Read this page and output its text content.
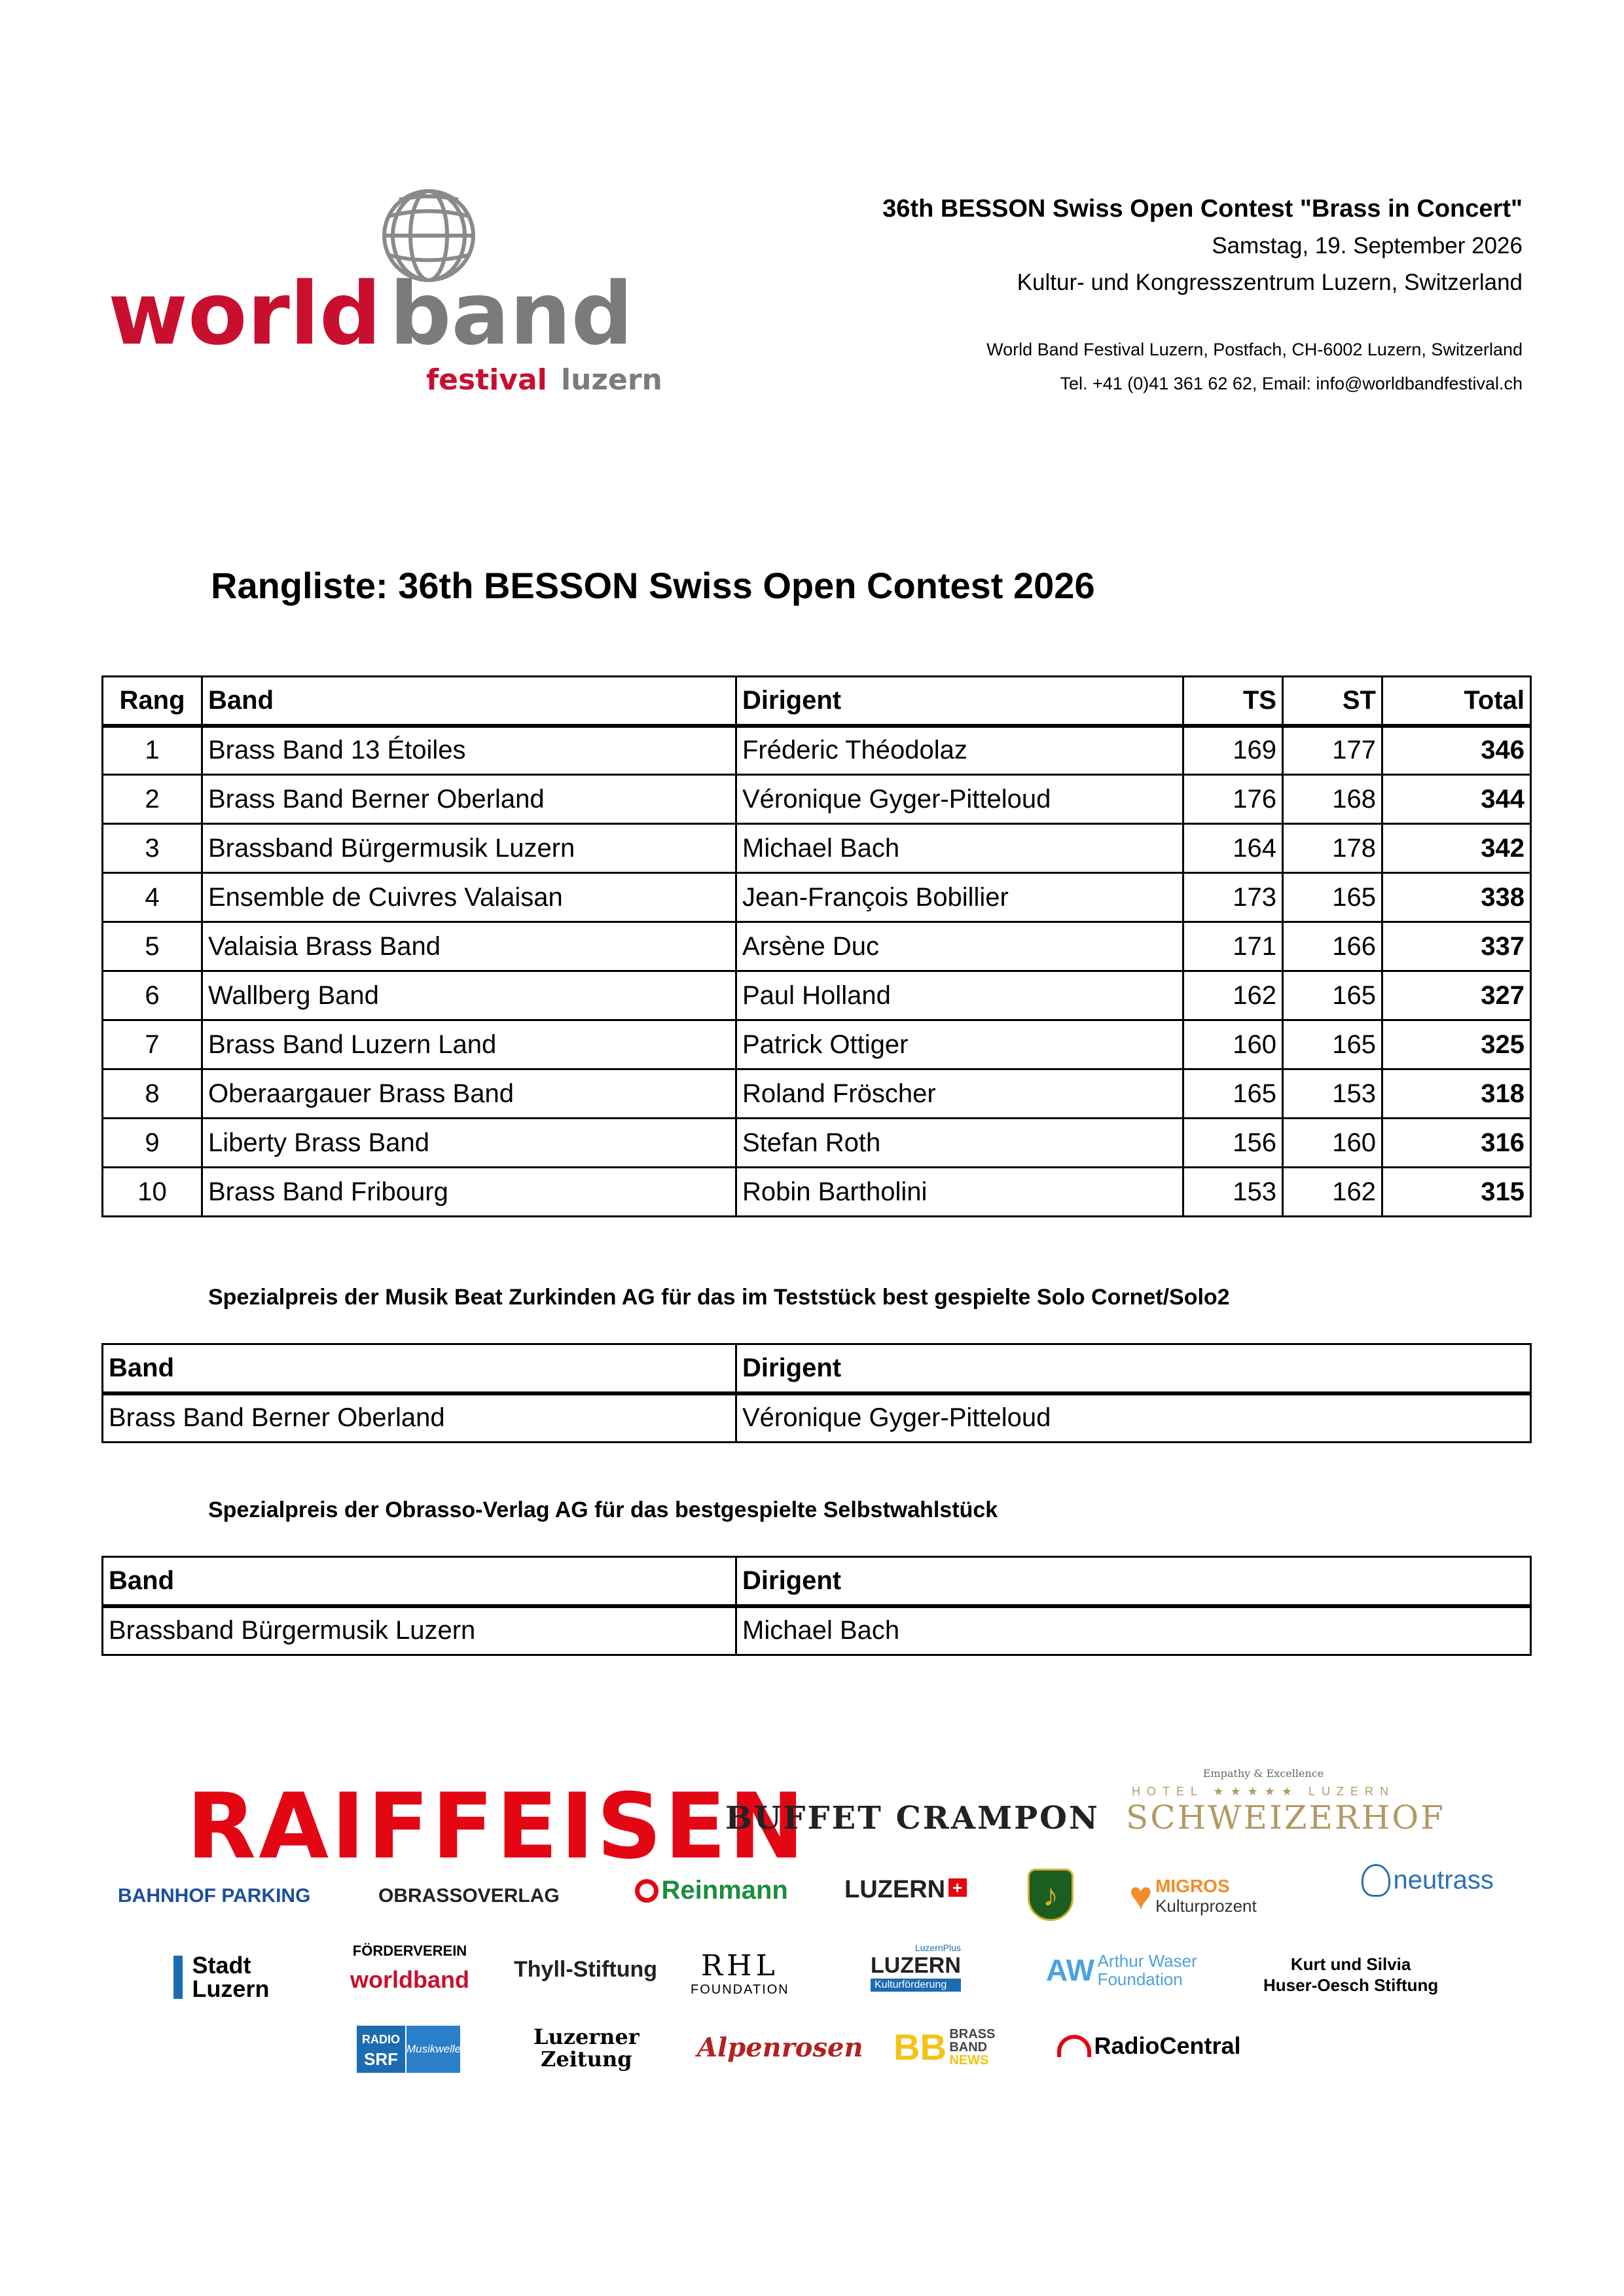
world band
festival luzern
36th BESSON Swiss Open Contest "Brass in Concert"
Samstag, 19. September 2026
Kultur- und Kongresszentrum Luzern, Switzerland
World Band Festival Luzern, Postfach, CH-6002 Luzern, Switzerland
Tel. +41 (0)41 361 62 62, Email: info@worldbandfestival.ch
Rangliste: 36th BESSON Swiss Open Contest 2026
Rang	Band	Dirigent	TS	ST	Total
1	Brass Band 13 Étoiles	Fréderic Théodolaz	169	177	346
2	Brass Band Berner Oberland	Véronique Gyger-Pitteloud	176	168	344
3	Brassband Bürgermusik Luzern	Michael Bach	164	178	342
4	Ensemble de Cuivres Valaisan	Jean-François Bobillier	173	165	338
5	Valaisia Brass Band	Arsène Duc	171	166	337
6	Wallberg Band	Paul Holland	162	165	327
7	Brass Band Luzern Land	Patrick Ottiger	160	165	325
8	Oberaargauer Brass Band	Roland Fröscher	165	153	318
9	Liberty Brass Band	Stefan Roth	156	160	316
10	Brass Band Fribourg	Robin Bartholini	153	162	315
Spezialpreis der Musik Beat Zurkinden AG für das im Teststück best gespielte Solo Cornet/Solo2
Band	Dirigent
Brass Band Berner Oberland	Véronique Gyger-Pitteloud
Spezialpreis der Obrasso-Verlag AG für das bestgespielte Selbstwahlstück
Band	Dirigent
Brassband Bürgermusik Luzern	Michael Bach
RAIFFEISEN
BUFFET CRAMPON
Empathy & Excellence
HOTEL ★★★★★ LUZERN
SCHWEIZERHOF
BAHNHOF PARKING	OBRASSOVERLAG	Reinmann LUZERN +	♪	♥ MIGROS
Kulturprozent
neutrass

Stadt
Luzern
FÖRDERVEREIN
worldband Thyll-Stiftung	RHL
FOUNDATION
LuzernPlus
LUZERN
Kulturförderung	AW Arthur Waser
Foundation
Kurt und Silvia
Huser-Oesch Stiftung
RADIO
SRF
Musikwelle	Luzerner
Zeitung Alpenrosen BB BRASS
BAND
NEWS
RadioCentral
